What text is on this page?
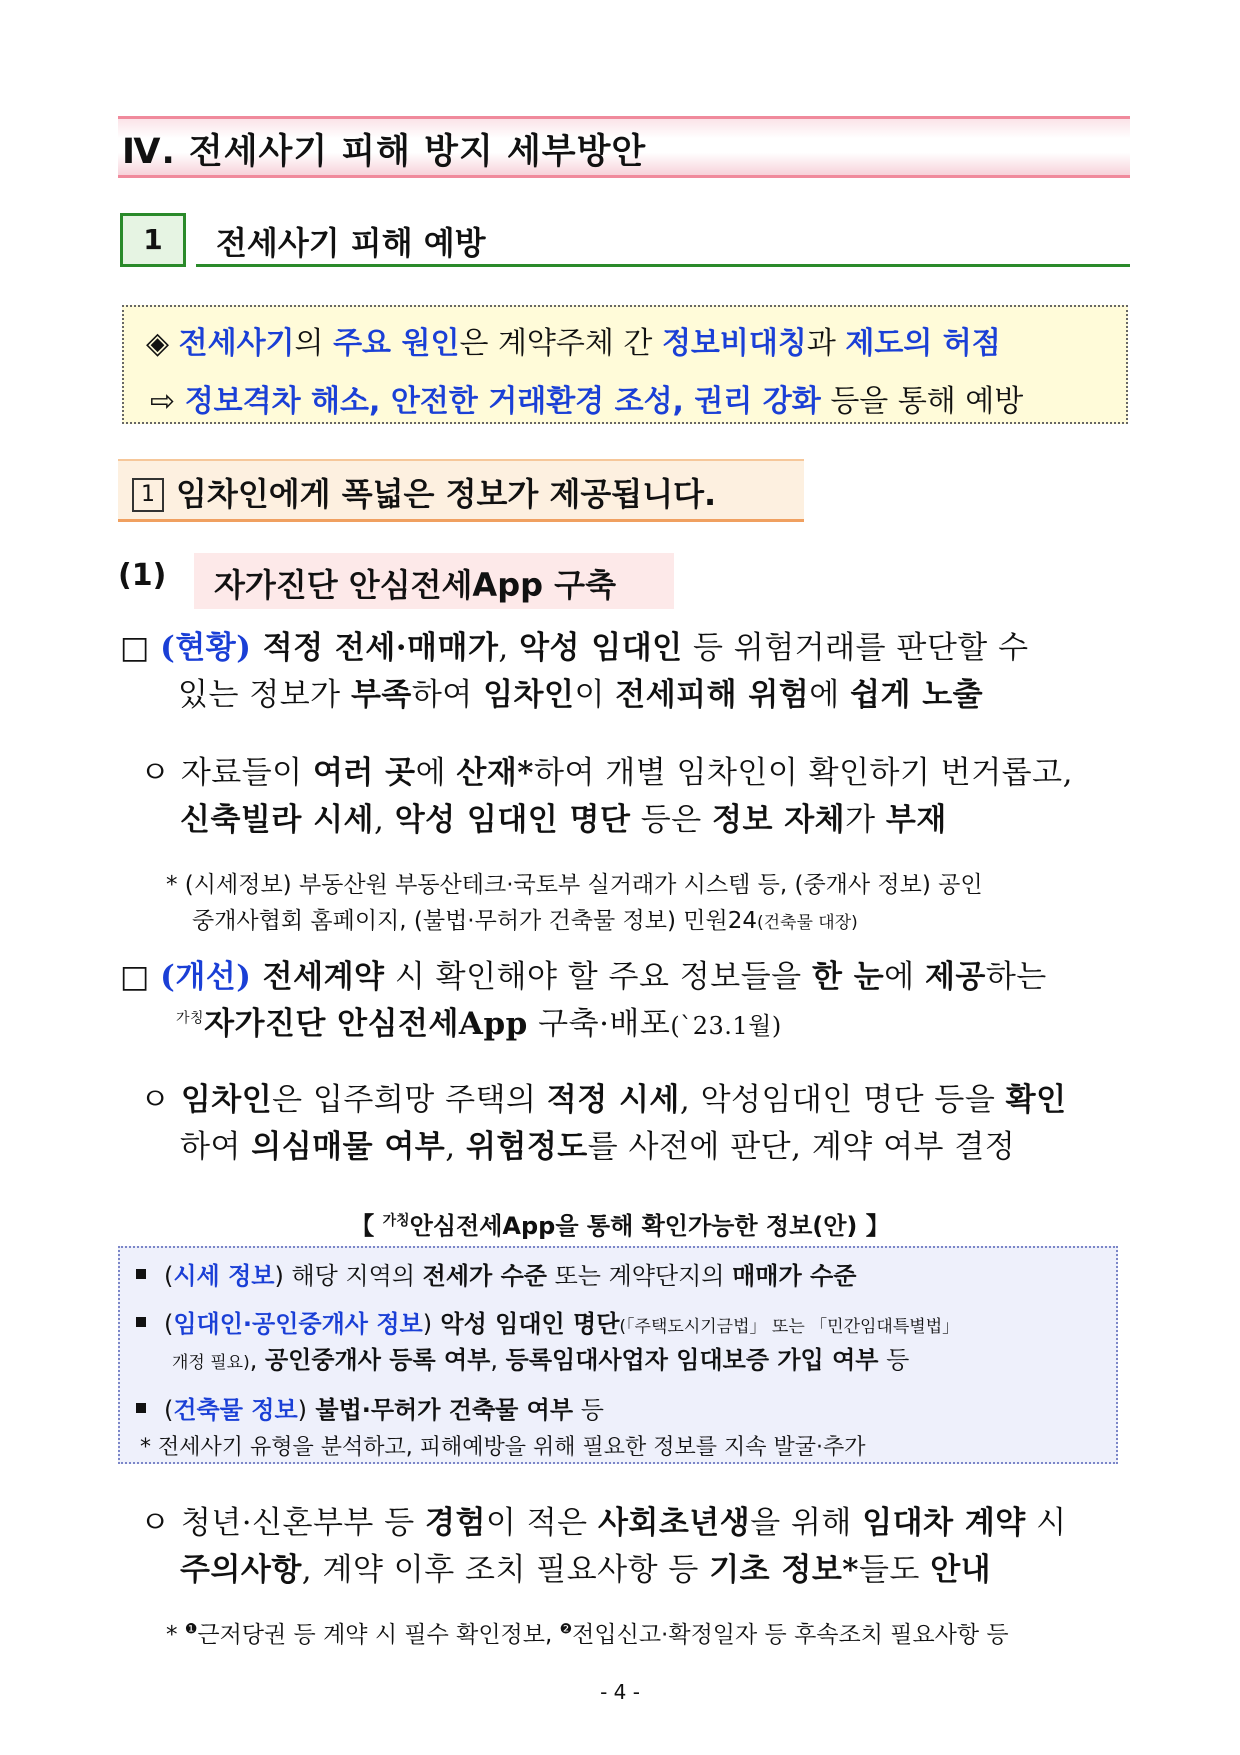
Ⅳ. 전세사기 피해 방지 세부방안
1	전세사기 피해 예방
◈ 전세사기의 주요 원인은 계약주체 간 정보비대칭과 제도의 허점
⇨ 정보격차 해소, 안전한 거래환경 조성, 권리 강화 등을 통해 예방
1 임차인에게 폭넓은 정보가 제공됩니다.
(1) 자가진단 안심전세App 구축
□ (현황) 적정 전세·매매가, 악성 임대인 등 위험거래를 판단할 수
있는 정보가 부족하여 임차인이 전세피해 위험에 쉽게 노출
ㅇ 자료들이 여러 곳에 산재*하여 개별 임차인이 확인하기 번거롭고,
신축빌라 시세, 악성 임대인 명단 등은 정보 자체가 부재
* (시세정보) 부동산원 부동산테크·국토부 실거래가 시스템 등, (중개사 정보) 공인
중개사협회 홈페이지, (불법·무허가 건축물 정보) 민원24(건축물 대장)
□ (개선) 전세계약 시 확인해야 할 주요 정보들을 한 눈에 제공하는
$^{가칭}$자가진단 안심전세App 구축·배포(`23.1월)
ㅇ 임차인은 입주희망 주택의 적정 시세, 악성임대인 명단 등을 확인
하여 의심매물 여부, 위험정도를 사전에 판단, 계약 여부 결정
【 $^{가칭}$안심전세App을 통해 확인가능한 정보(안) 】
(시세 정보) 해당 지역의 전세가 수준 또는 계약단지의 매매가 수준
(임대인·공인중개사 정보) 악성 임대인 명단(「주택도시기금법」 또는 「민간임대특별법」
개정 필요), 공인중개사 등록 여부, 등록임대사업자 임대보증 가입 여부 등
(건축물 정보) 불법·무허가 건축물 여부 등
* 전세사기 유형을 분석하고, 피해예방을 위해 필요한 정보를 지속 발굴·추가
ㅇ 청년·신혼부부 등 경험이 적은 사회초년생을 위해 임대차 계약 시
주의사항, 계약 이후 조치 필요사항 등 기초 정보*들도 안내
* $^❶$근저당권 등 계약 시 필수 확인정보, $^❷$전입신고·확정일자 등 후속조치 필요사항 등
- 4 -
